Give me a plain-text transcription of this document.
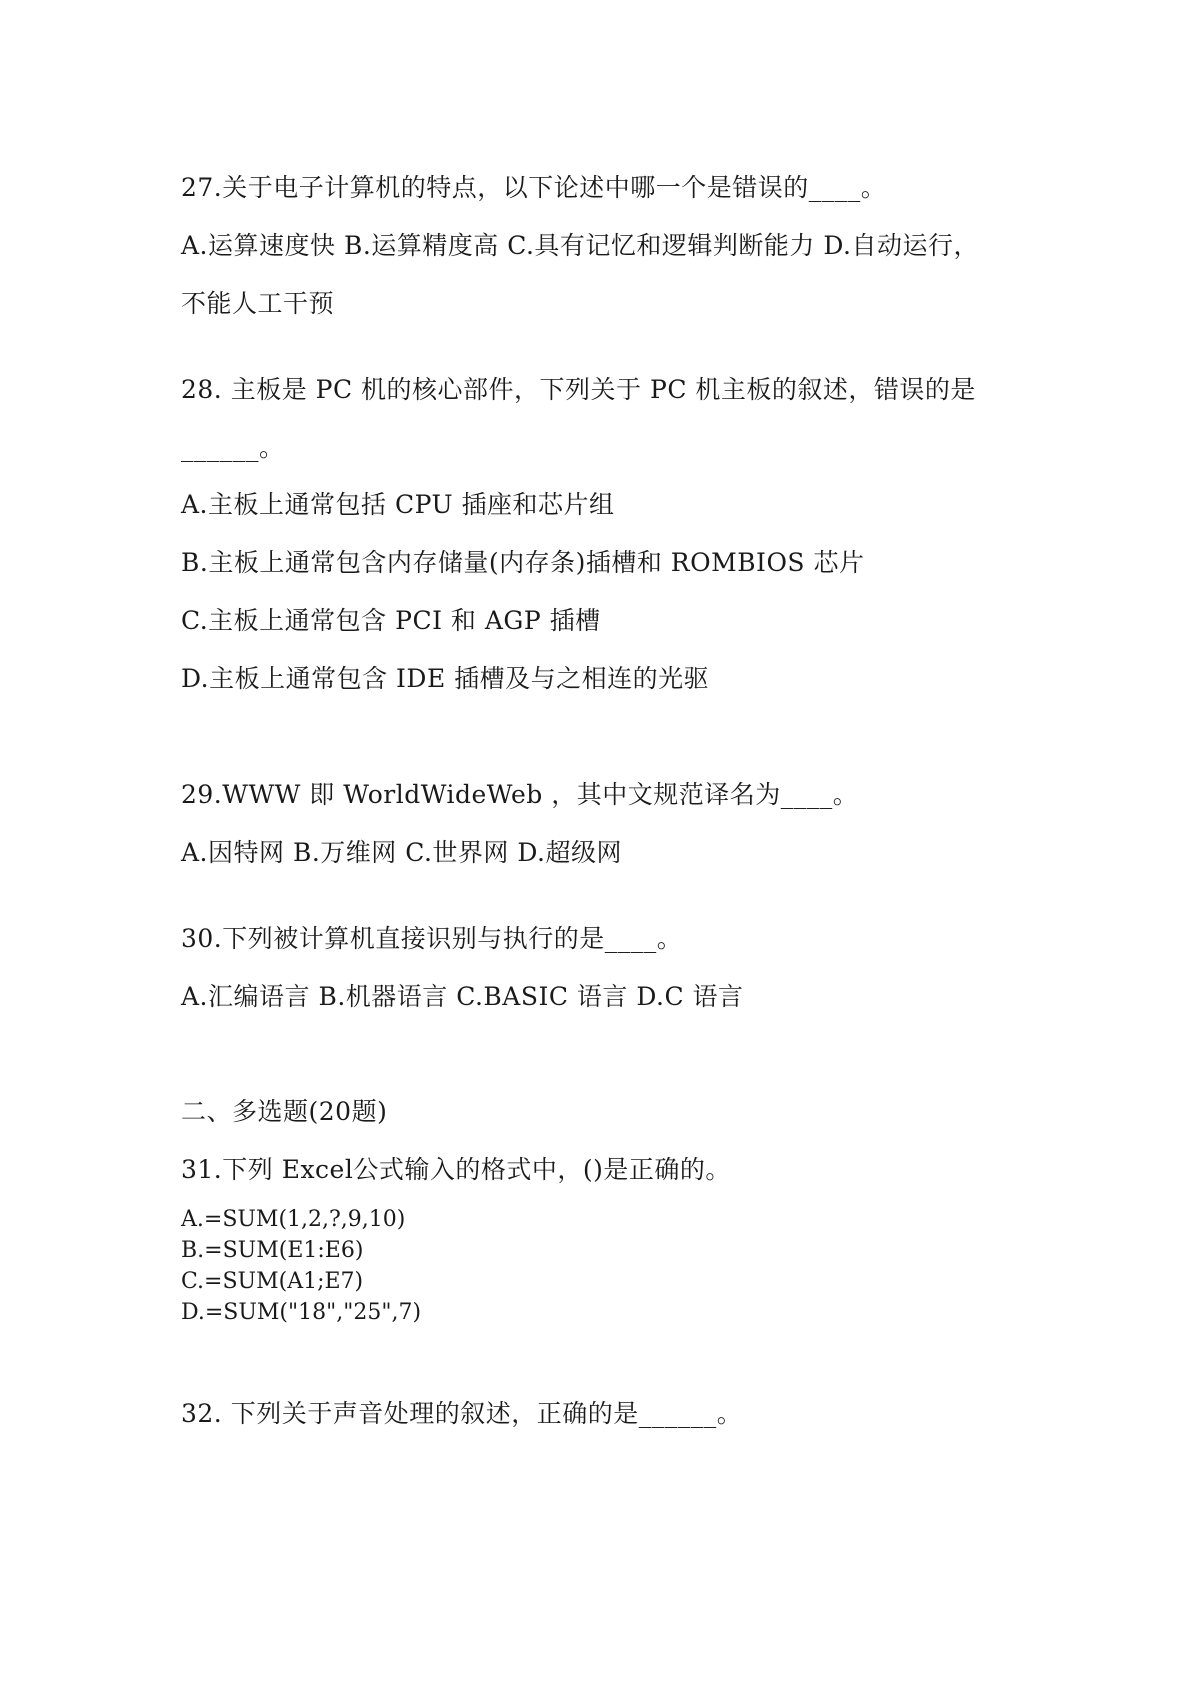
27.关于电子计算机的特点，以下论述中哪一个是错误的____。

A.运算速度快 B.运算精度高 C.具有记忆和逻辑判断能力 D.自动运行，

不能人工干预

28. 主板是 PC 机的核心部件，下列关于 PC 机主板的叙述，错误的是

______。

A.主板上通常包括 CPU 插座和芯片组

B.主板上通常包含内存储量(内存条)插槽和 ROMBIOS 芯片

C.主板上通常包含 PCI 和 AGP 插槽

D.主板上通常包含 IDE 插槽及与之相连的光驱

29.WWW 即 WorldWideWeb ，其中文规范译名为____。

A.因特网 B.万维网 C.世界网 D.超级网

30.下列被计算机直接识别与执行的是____。

A.汇编语言 B.机器语言 C.BASIC 语言 D.C 语言

二、多选题(20题)

31.下列 Excel公式输入的格式中，()是正确的。

A.=SUM(1,2,?,9,10)

B.=SUM(E1:E6)

C.=SUM(A1;E7)

D.=SUM("18","25",7)

32. 下列关于声音处理的叙述，正确的是______。
